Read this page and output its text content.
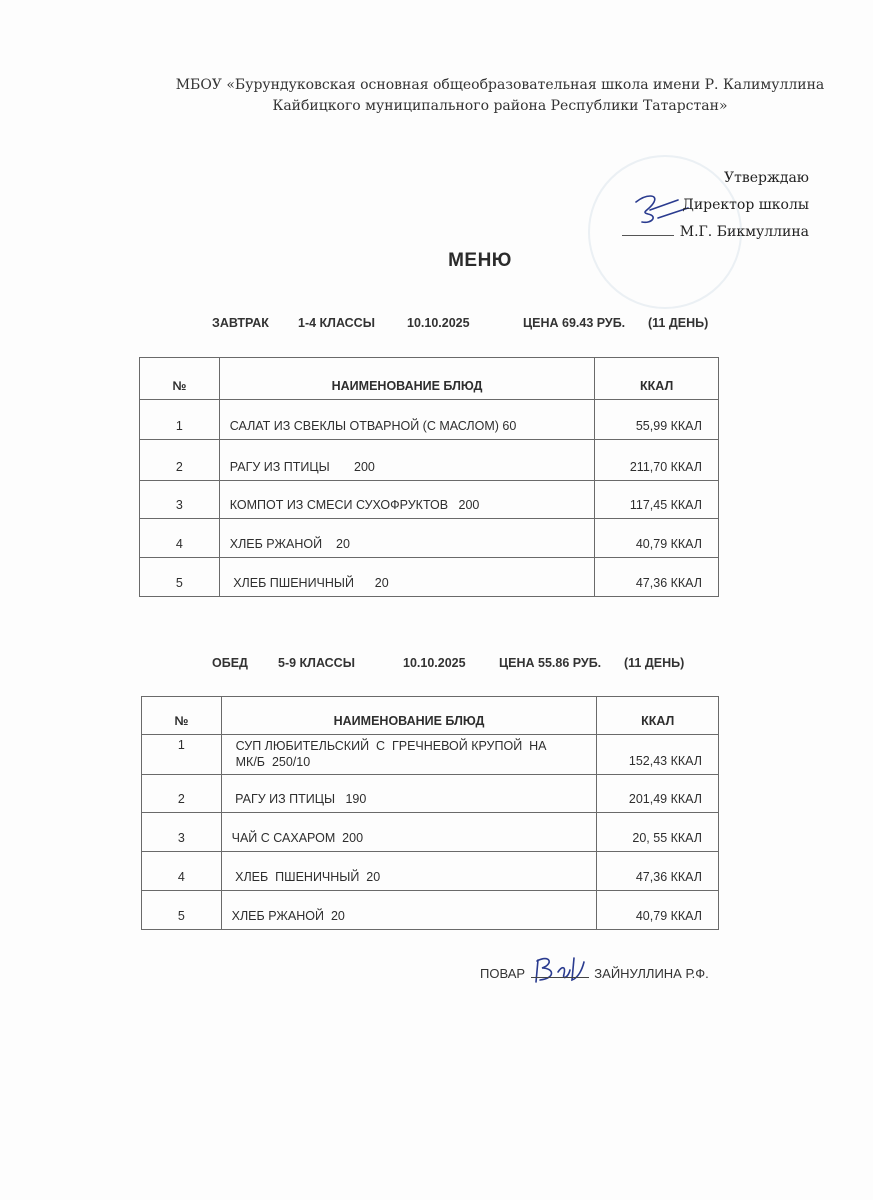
МБОУ «Бурундуковская основная общеобразовательная школа имени Р. Калимуллина
Кайбицкого муниципального района Республики Татарстан»
Утверждаю
Директор школы
М.Г. Бикмуллина
МЕНЮ
ЗАВТРАК 1-4 КЛАССЫ	10.10.2025	ЦЕНА 69.43 РУБ. (11 ДЕНЬ)
№	НАИМЕНОВАНИЕ БЛЮД	ККАЛ
1	САЛАТ ИЗ СВЕКЛЫ ОТВАРНОЙ (С МАСЛОМ) 60	55,99 ККАЛ
2	РАГУ ИЗ ПТИЦЫ       200	211,70 ККАЛ
3	КОМПОТ ИЗ СМЕСИ СУХОФРУКТОВ   200	117,45 ККАЛ
4	ХЛЕБ РЖАНОЙ    20	40,79 ККАЛ
5	ХЛЕБ ПШЕНИЧНЫЙ      20	47,36 ККАЛ
ОБЕД 5-9 КЛАССЫ	10.10.2025	ЦЕНА 55.86 РУБ. (11 ДЕНЬ)
№	НАИМЕНОВАНИЕ БЛЮД	ККАЛ
1	СУП ЛЮБИТЕЛЬСКИЙ  С  ГРЕЧНЕВОЙ КРУПОЙ  НА
МК/Б  250/10	152,43 ККАЛ
2	РАГУ ИЗ ПТИЦЫ   190	201,49 ККАЛ
3	ЧАЙ С САХАРОМ  200	20, 55 ККАЛ
4	ХЛЕБ  ПШЕНИЧНЫЙ  20	47,36 ККАЛ
5	ХЛЕБ РЖАНОЙ  20	40,79 ККАЛ
ПОВАР	ЗАЙНУЛЛИНА Р.Ф.
